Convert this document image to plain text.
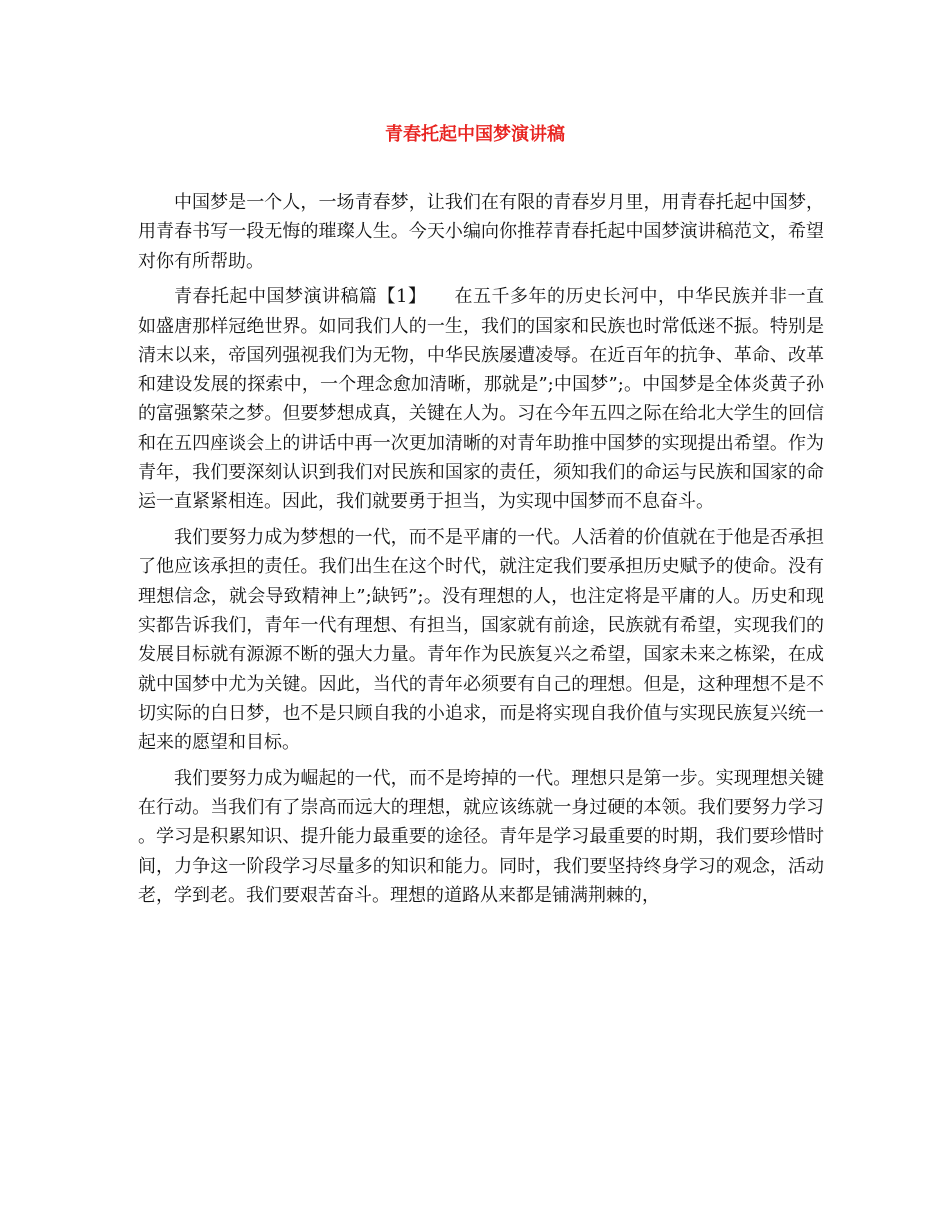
青春托起中国梦演讲稿

中国梦是一个人，一场青春梦，让我们在有限的青春岁月里，用青春托起中国梦，用青春书写一段无悔的璀璨人生。今天小编向你推荐青春托起中国梦演讲稿范文，希望对你有所帮助。

青春托起中国梦演讲稿篇【1】　　在五千多年的历史长河中，中华民族并非一直如盛唐那样冠绝世界。如同我们人的一生，我们的国家和民族也时常低迷不振。特别是清末以来，帝国列强视我们为无物，中华民族屡遭凌辱。在近百年的抗争、革命、改革和建设发展的探索中，一个理念愈加清晰，那就是”;中国梦”;。中国梦是全体炎黄子孙的富强繁荣之梦。但要梦想成真，关键在人为。习在今年五四之际在给北大学生的回信和在五四座谈会上的讲话中再一次更加清晰的对青年助推中国梦的实现提出希望。作为青年，我们要深刻认识到我们对民族和国家的责任，须知我们的命运与民族和国家的命运一直紧紧相连。因此，我们就要勇于担当，为实现中国梦而不息奋斗。

我们要努力成为梦想的一代，而不是平庸的一代。人活着的价值就在于他是否承担了他应该承担的责任。我们出生在这个时代，就注定我们要承担历史赋予的使命。没有理想信念，就会导致精神上”;缺钙”;。没有理想的人，也注定将是平庸的人。历史和现实都告诉我们，青年一代有理想、有担当，国家就有前途，民族就有希望，实现我们的发展目标就有源源不断的强大力量。青年作为民族复兴之希望，国家未来之栋梁，在成就中国梦中尤为关键。因此，当代的青年必须要有自己的理想。但是，这种理想不是不切实际的白日梦，也不是只顾自我的小追求，而是将实现自我价值与实现民族复兴统一起来的愿望和目标。

我们要努力成为崛起的一代，而不是垮掉的一代。理想只是第一步。实现理想关键在行动。当我们有了崇高而远大的理想，就应该练就一身过硬的本领。我们要努力学习。学习是积累知识、提升能力最重要的途径。青年是学习最重要的时期，我们要珍惜时间，力争这一阶段学习尽量多的知识和能力。同时，我们要坚持终身学习的观念，活动老，学到老。我们要艰苦奋斗。理想的道路从来都是铺满荆棘的，
